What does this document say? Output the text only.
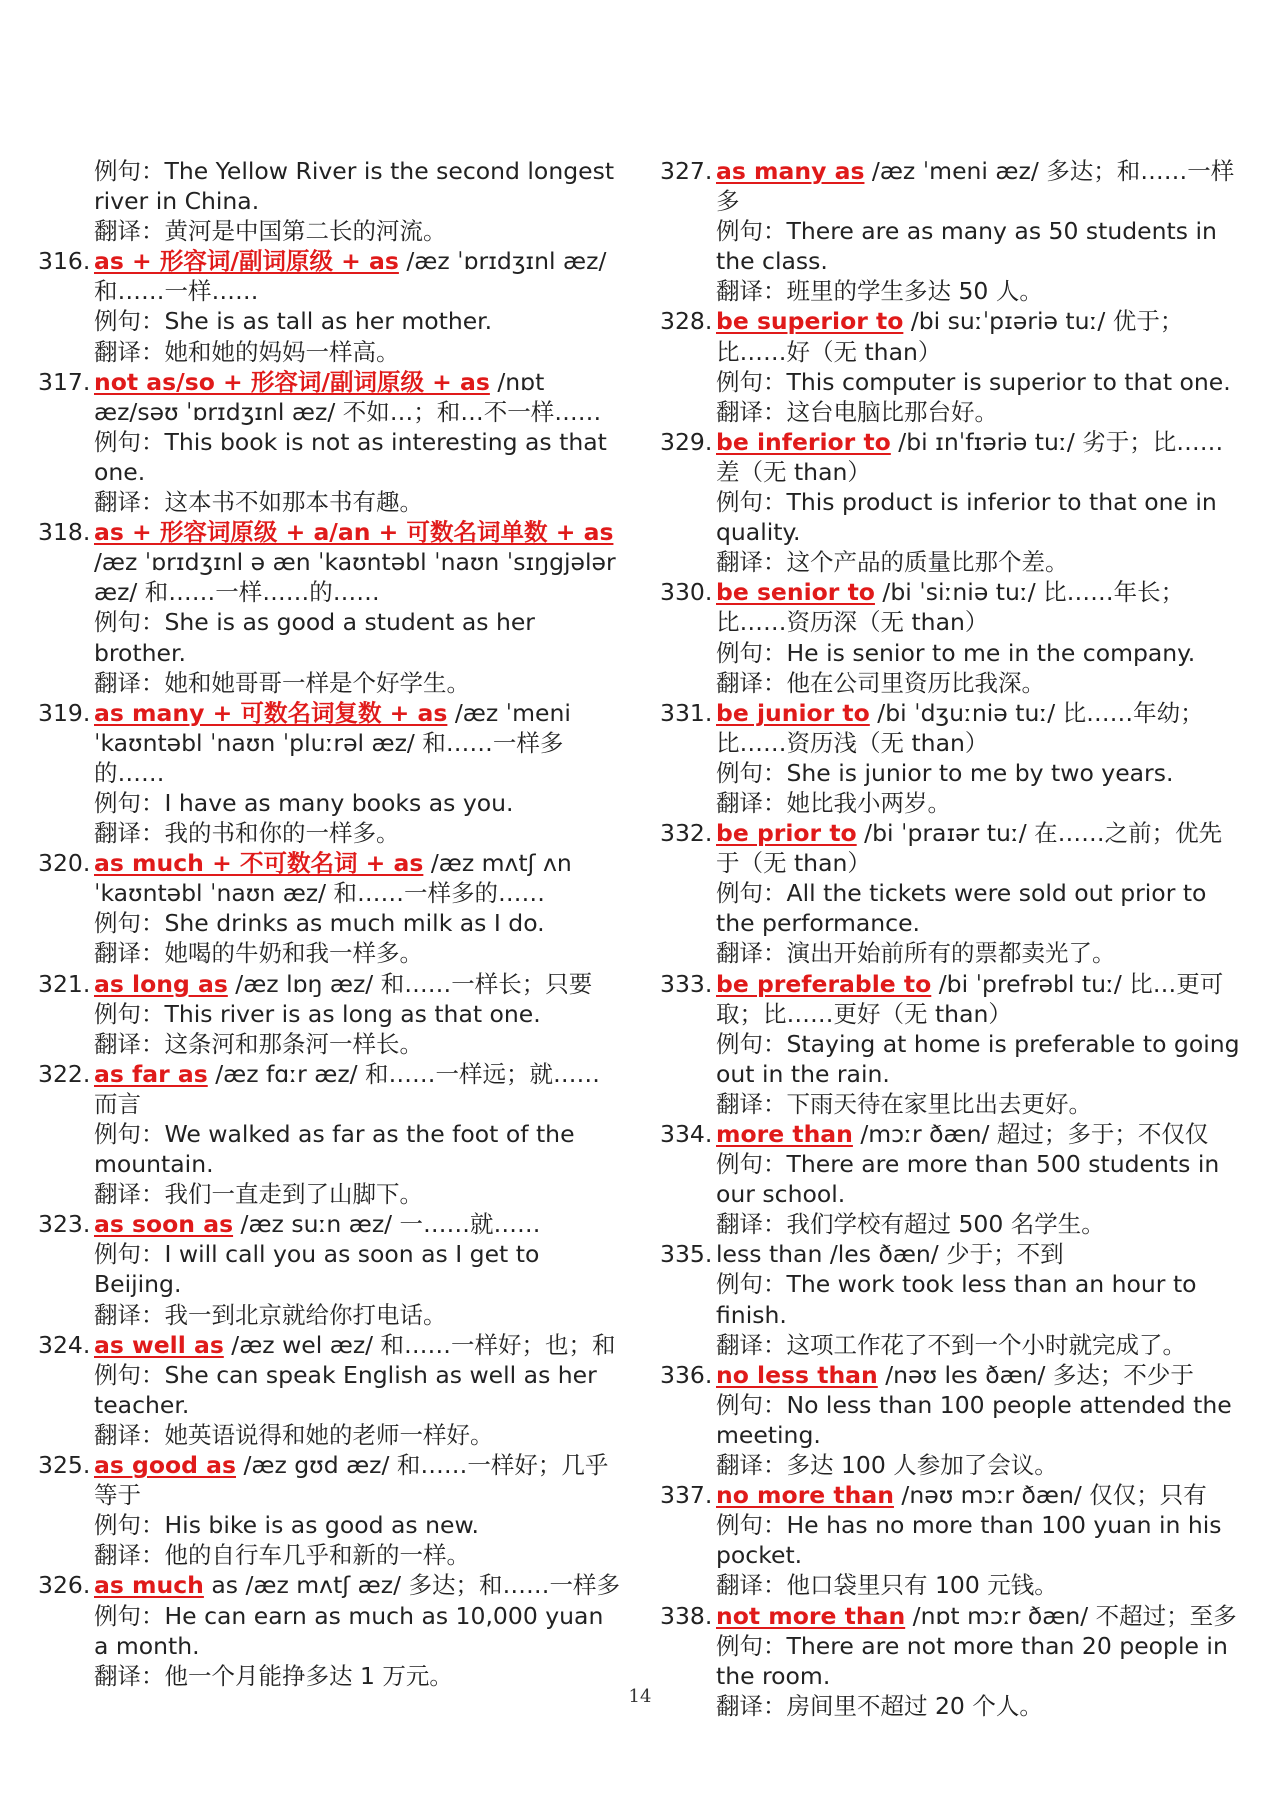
例句：The Yellow River is the second longest river in China.

翻译：黄河是中国第二长的河流。

316. as + 形容词/副词原级 + as /æz ˈɒrɪdʒɪnl æz/和……一样……

例句：She is as tall as her mother.

翻译：她和她的妈妈一样高。

317. not as/so + 形容词/副词原级 + as /nɒt æz/səʊ ˈɒrɪdʒɪnl æz/ 不如…；和…不一样……

例句：This book is not as interesting as that one.

翻译：这本书不如那本书有趣。

318. as + 形容词原级 + a/an + 可数名词单数 + as /æz ˈɒrɪdʒɪnl ə æn ˈkaʊntəbl ˈnaʊn ˈsɪŋgjələr æz/ 和……一样……的……

例句：She is as good a student as her brother.

翻译：她和她哥哥一样是个好学生。

319. as many + 可数名词复数 + as /æz ˈmeni ˈkaʊntəbl ˈnaʊn ˈpluːrəl æz/ 和……一样多的……

例句：I have as many books as you.

翻译：我的书和你的一样多。

320. as much + 不可数名词 + as /æz mʌtʃ ʌnˈkaʊntəbl ˈnaʊn æz/ 和……一样多的……

例句：She drinks as much milk as I do.

翻译：她喝的牛奶和我一样多。

321. as long as /æz lɒŋ æz/ 和……一样长；只要

例句：This river is as long as that one.

翻译：这条河和那条河一样长。

322. as far as /æz fɑːr æz/ 和……一样远；就……而言

例句：We walked as far as the foot of the mountain.

翻译：我们一直走到了山脚下。

323. as soon as /æz suːn æz/ 一……就……

例句：I will call you as soon as I get to Beijing.

翻译：我一到北京就给你打电话。

324. as well as /æz wel æz/ 和……一样好；也；和

例句：She can speak English as well as her teacher.

翻译：她英语说得和她的老师一样好。

325. as good as /æz gʊd æz/ 和……一样好；几乎等于

例句：His bike is as good as new.

翻译：他的自行车几乎和新的一样。

326. as much as /æz mʌtʃ æz/ 多达；和……一样多

例句：He can earn as much as 10,000 yuan a month.

翻译：他一个月能挣多达 1 万元。

327. as many as /æz ˈmeni æz/ 多达；和……一样多

例句：There are as many as 50 students in the class.

翻译：班里的学生多达 50 人。

328. be superior to /bi suːˈpɪəriə tuː/ 优于；比……好（无 than）

例句：This computer is superior to that one.

翻译：这台电脑比那台好。

329. be inferior to /bi ɪnˈfɪəriə tuː/ 劣于；比……差（无 than）

例句：This product is inferior to that one in quality.

翻译：这个产品的质量比那个差。

330. be senior to /bi ˈsiːniə tuː/ 比……年长；比……资历深（无 than）

例句：He is senior to me in the company.

翻译：他在公司里资历比我深。

331. be junior to /bi ˈdʒuːniə tuː/ 比……年幼；比……资历浅（无 than）

例句：She is junior to me by two years.

翻译：她比我小两岁。

332. be prior to /bi ˈpraɪər tuː/ 在……之前；优先于（无 than）

例句：All the tickets were sold out prior to the performance.

翻译：演出开始前所有的票都卖光了。

333. be preferable to /bi ˈprefrəbl tuː/ 比…更可取；比……更好（无 than）

例句：Staying at home is preferable to going out in the rain.

翻译：下雨天待在家里比出去更好。

334. more than /mɔːr ðæn/ 超过；多于；不仅仅

例句：There are more than 500 students in our school.

翻译：我们学校有超过 500 名学生。

335. less than /les ðæn/ 少于；不到

例句：The work took less than an hour to finish.

翻译：这项工作花了不到一个小时就完成了。

336. no less than /nəʊ les ðæn/ 多达；不少于

例句：No less than 100 people attended the meeting.

翻译：多达 100 人参加了会议。

337. no more than /nəʊ mɔːr ðæn/ 仅仅；只有

例句：He has no more than 100 yuan in his pocket.

翻译：他口袋里只有 100 元钱。

338. not more than /nɒt mɔːr ðæn/ 不超过；至多

例句：There are not more than 20 people in the room.

翻译：房间里不超过 20 个人。

14
